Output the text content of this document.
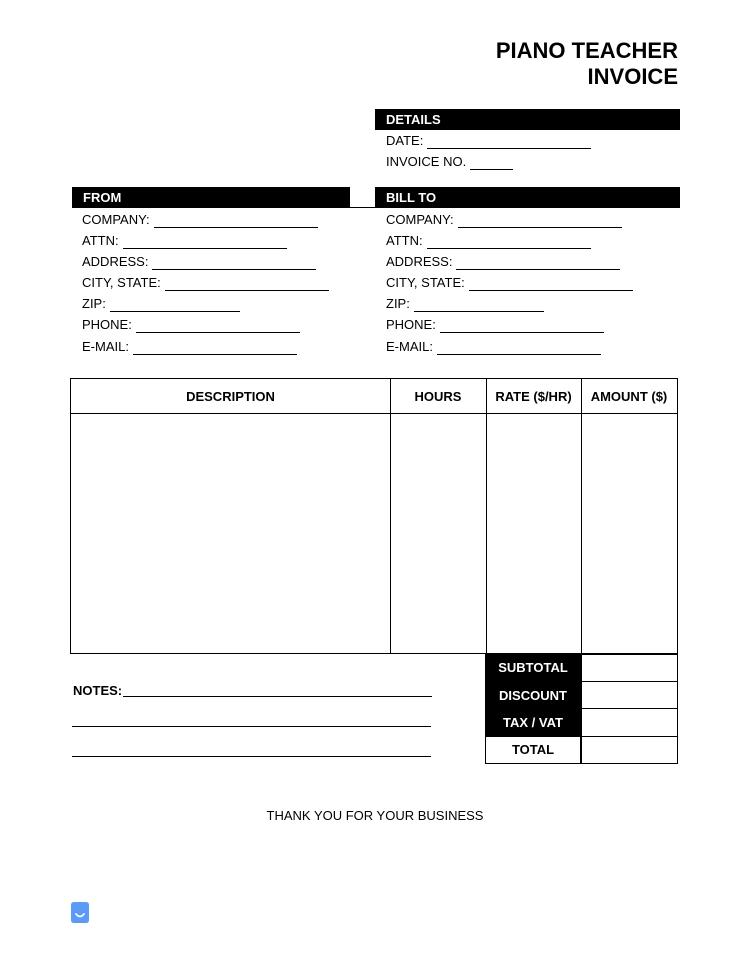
PIANO TEACHER
INVOICE
DETAILS
DATE:
INVOICE NO.
FROM	BILL TO
COMPANY:
ATTN:
ADDRESS:
CITY, STATE:
ZIP:
PHONE:
E-MAIL:
COMPANY:
ATTN:
ADDRESS:
CITY, STATE:
ZIP:
PHONE:
E-MAIL:
DESCRIPTION	HOURS	RATE ($/HR)	AMOUNT ($)
SUBTOTAL
DISCOUNT
TAX / VAT
TOTAL
NOTES:
THANK YOU FOR YOUR BUSINESS
